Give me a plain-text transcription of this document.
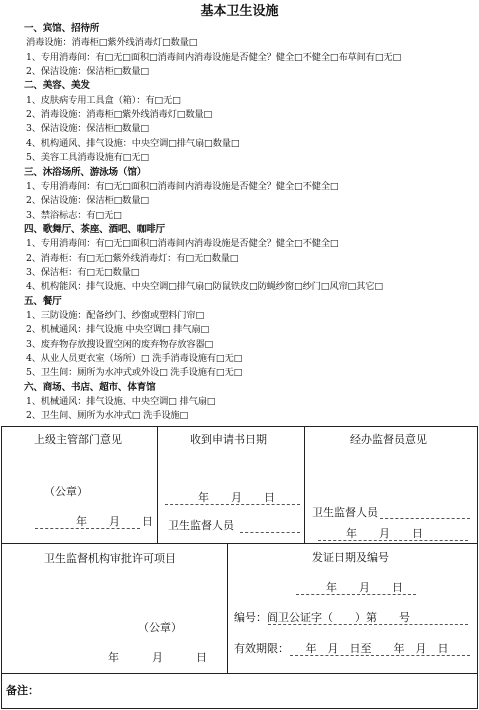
基本卫生设施
一、宾馆、招待所
消毒设施：消毒柜□紫外线消毒灯□数量□
1、专用消毒间：有□无□面积□消毒间内消毒设施是否健全？健全□不健全□布草间有□无□
2、保洁设施：保洁柜□数量□
二、美容、美发
1、皮肤病专用工具盒（箱）：有□无□
2、消毒设施：消毒柜□紫外线消毒灯□数量□
3、保洁设施：保洁柜□数量□
4、机构通风、排气设施：中央空调□排气扇□数量□
5、美容工具消毒设施有□无□
三、沐浴场所、游泳场（馆）
1、专用消毒间：有□无□面积□消毒间内消毒设施是否健全？健全□不健全□
2、保洁设施：保洁柜□数量□
3、禁浴标志：有□无□
四、歌舞厅、茶座、酒吧、咖啡厅
1、专用消毒间：有□无□面积□消毒间内消毒设施是否健全？健全□不健全□
2、消毒柜：有□无□紫外线消毒灯：有□无□数量□
3、保洁柜：有□无□数量□
4、机构能风：排气设施、中央空调□排气扇□防鼠铁皮□防蝇纱窗□纱门□风帘□其它□
五、餐厅
1、三防设施：配备纱门、纱窗或塑料门帘□
2、机械通风：排气设施 中央空调□ 排气扇□
3、废弃物存放搜设置空闲的废弃物存放容器□
4、从业人员更衣室（场所）□ 洗手消毒设施有□无□
5、卫生间：厕所为水冲式或外设□ 洗手设施有□无□
六、商场、书店、超市、体育馆
1、机械通风：排气设施、中央空调□ 排气扇□
2、卫生间、厕所为水冲式□ 洗手设施□
上级主管部门意见
（公章）
年　　月　　日
收到申请书日期
年　　月　　日
卫生监督人员
经办监督员意见
卫生监督人员
年　　月　　日
卫生监督机构审批许可项目
（公章）
年　　　月　　　日
发证日期及编号
年　　月　　日
编号：阎卫公证字（　　）第　　号
有效期限：　　年　月　日至　　年　月　日
备注：
